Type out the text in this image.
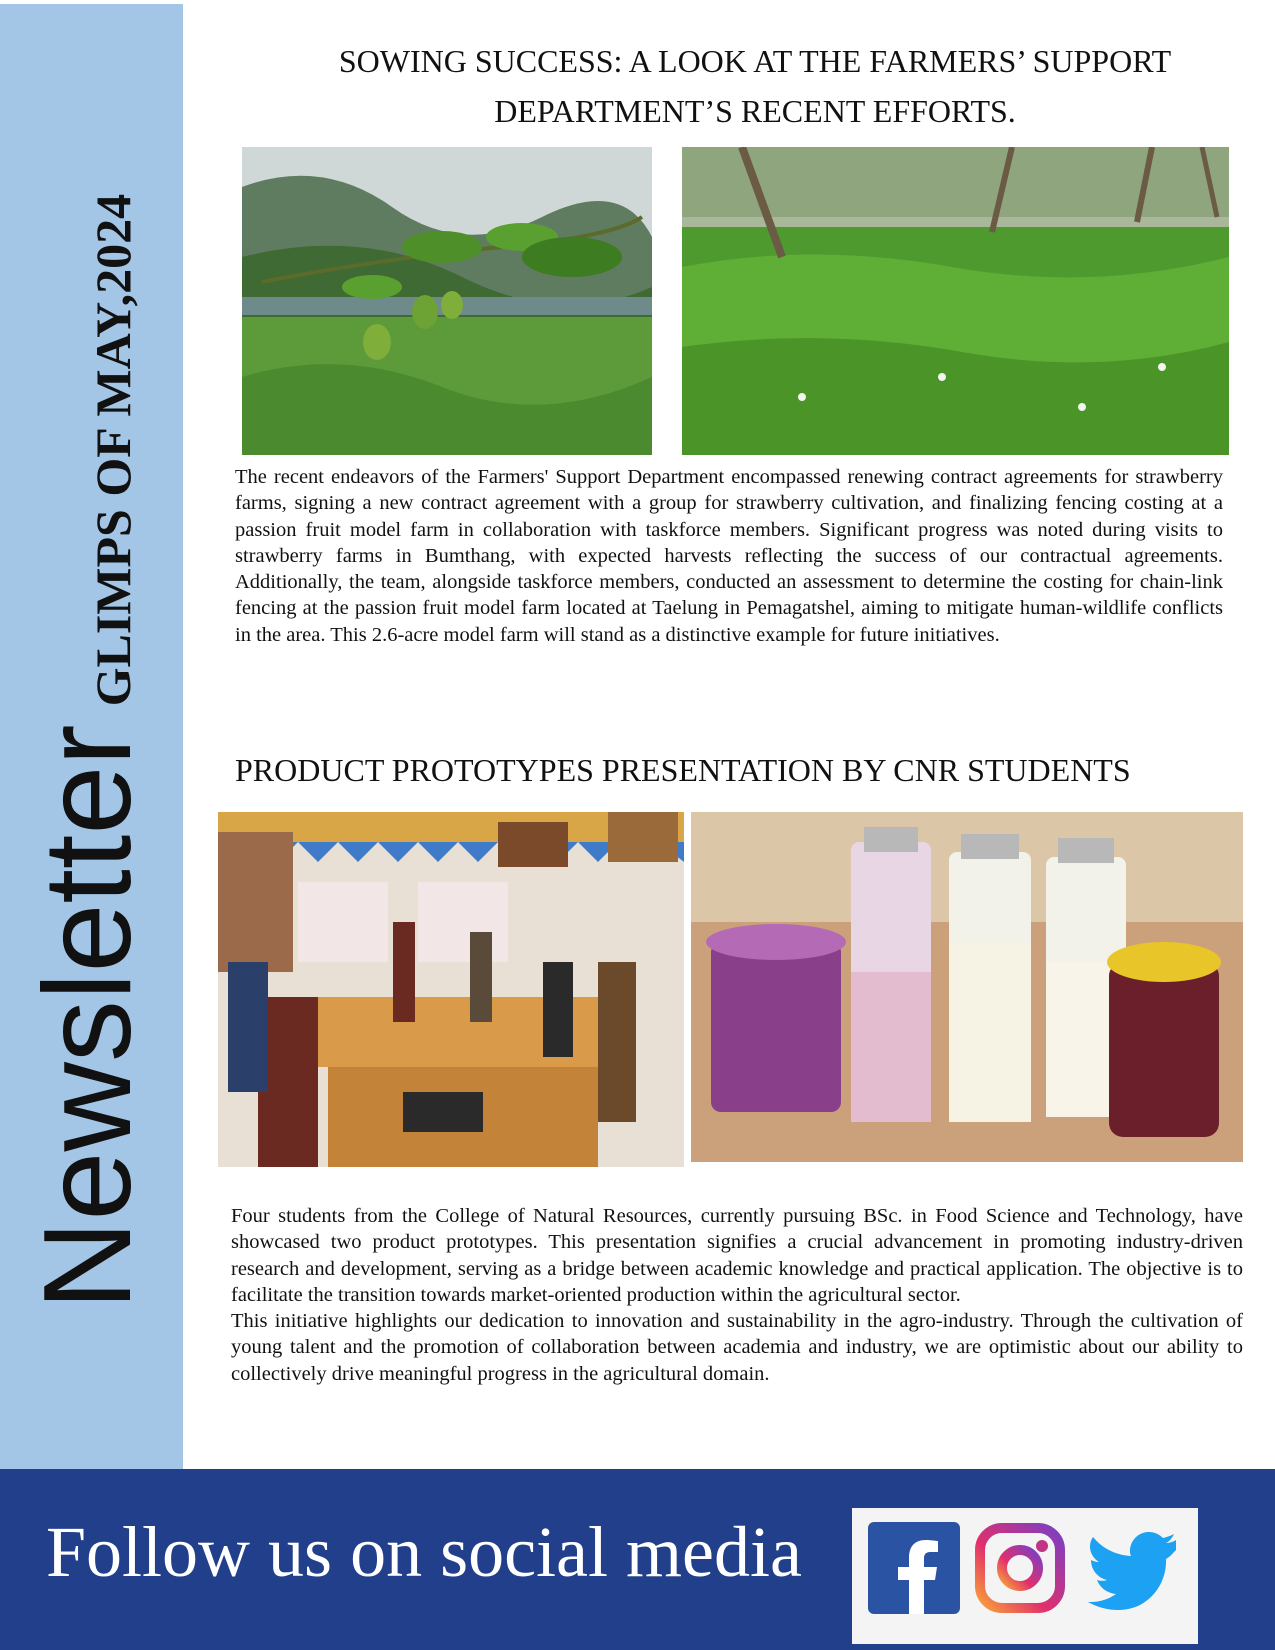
Newsletter
GLIMPS OF MAY,2024
SOWING SUCCESS: A LOOK AT THE FARMERS’ SUPPORT
DEPARTMENT’S RECENT EFFORTS.

The recent endeavors of the Farmers' Support Department encompassed renewing contract agreements for strawberry farms, signing a new contract agreement with a group for strawberry cultivation, and finalizing fencing costing at a passion fruit model farm in collaboration with taskforce members. Significant progress was noted during visits to strawberry farms in Bumthang, with expected harvests reflecting the success of our contractual agreements. Additionally, the team, alongside taskforce members, conducted an assessment to determine the costing for chain-link fencing at the passion fruit model farm located at Taelung in Pemagatshel, aiming to mitigate human-wildlife conflicts in the area. This 2.6-acre model farm will stand as a distinctive example for future initiatives.

PRODUCT PROTOTYPES PRESENTATION BY CNR STUDENTS

Four students from the College of Natural Resources, currently pursuing BSc. in Food Science and Technology, have showcased two product prototypes. This presentation signifies a crucial advancement in promoting industry-driven research and development, serving as a bridge between academic knowledge and practical application. The objective is to facilitate the transition towards market-oriented production within the agricultural sector.

This initiative highlights our dedication to innovation and sustainability in the agro-industry. Through the cultivation of young talent and the promotion of collaboration between academia and industry, we are optimistic about our ability to collectively drive meaningful progress in the agricultural domain.

Follow us on social media
